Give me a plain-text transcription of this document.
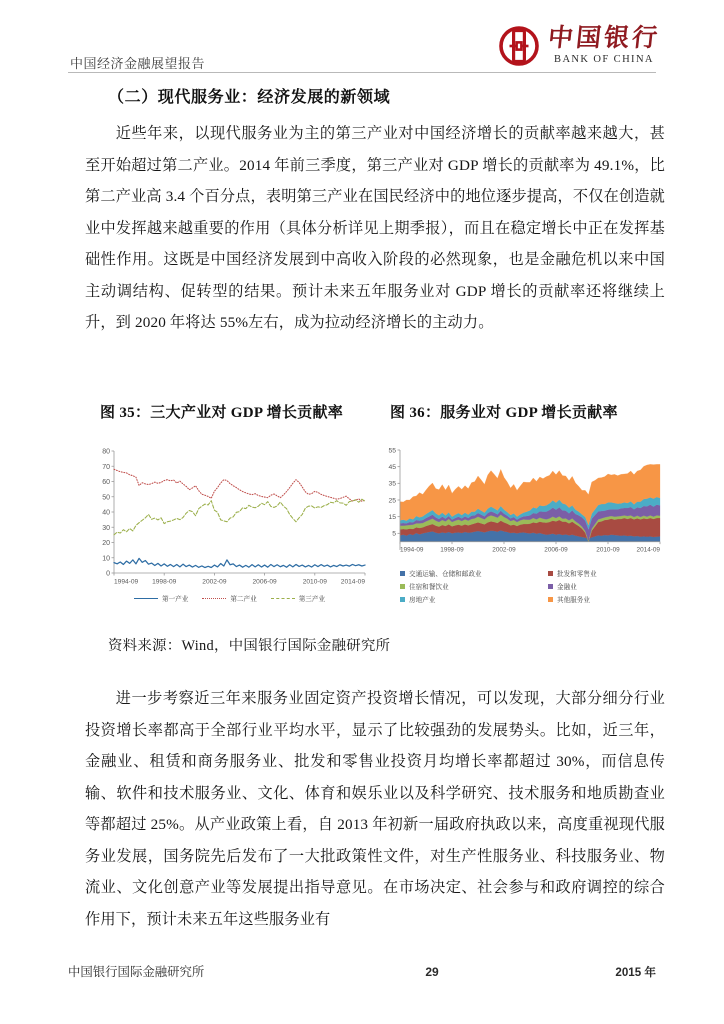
中国经济金融展望报告
中国银行
BANK OF CHINA
（二）现代服务业：经济发展的新领域
近些年来，以现代服务业为主的第三产业对中国经济增长的贡献率越来越大，甚至开始超过第二产业。2014 年前三季度，第三产业对 GDP 增长的贡献率为 49.1%，比第二产业高 3.4 个百分点，表明第三产业在国民经济中的地位逐步提高，不仅在创造就业中发挥越来越重要的作用（具体分析详见上期季报），而且在稳定增长中正在发挥基础性作用。这既是中国经济发展到中高收入阶段的必然现象，也是金融危机以来中国主动调结构、促转型的结果。预计未来五年服务业对 GDP 增长的贡献率还将继续上升，到 2020 年将达 55%左右，成为拉动经济增长的主动力。
图 35：三大产业对 GDP 增长贡献率	图 36：服务业对 GDP 增长贡献率
0
10
20
30
40
50
60
70
80
1994-09 1998-09	2002-09	2006-09	2010-09 2014-09
第一产业	第二产业	第三产业
5
15
25
35
45
55
1994-09	1998-09	2002-09	2006-09	2010-09	2014-09
交通运输、仓储和邮政业	批发和零售业
住宿和餐饮业	金融业
房地产业	其他服务业
资料来源：Wind，中国银行国际金融研究所
进一步考察近三年来服务业固定资产投资增长情况，可以发现，大部分细分行业投资增长率都高于全部行业平均水平，显示了比较强劲的发展势头。比如，近三年，金融业、租赁和商务服务业、批发和零售业投资月均增长率都超过 30%，而信息传输、软件和技术服务业、文化、体育和娱乐业以及科学研究、技术服务和地质勘查业等都超过 25%。从产业政策上看，自 2013 年初新一届政府执政以来，高度重视现代服务业发展，国务院先后发布了一大批政策性文件，对生产性服务业、科技服务业、物流业、文化创意产业等发展提出指导意见。在市场决定、社会参与和政府调控的综合作用下，预计未来五年这些服务业有
中国银行国际金融研究所	29	2015 年
